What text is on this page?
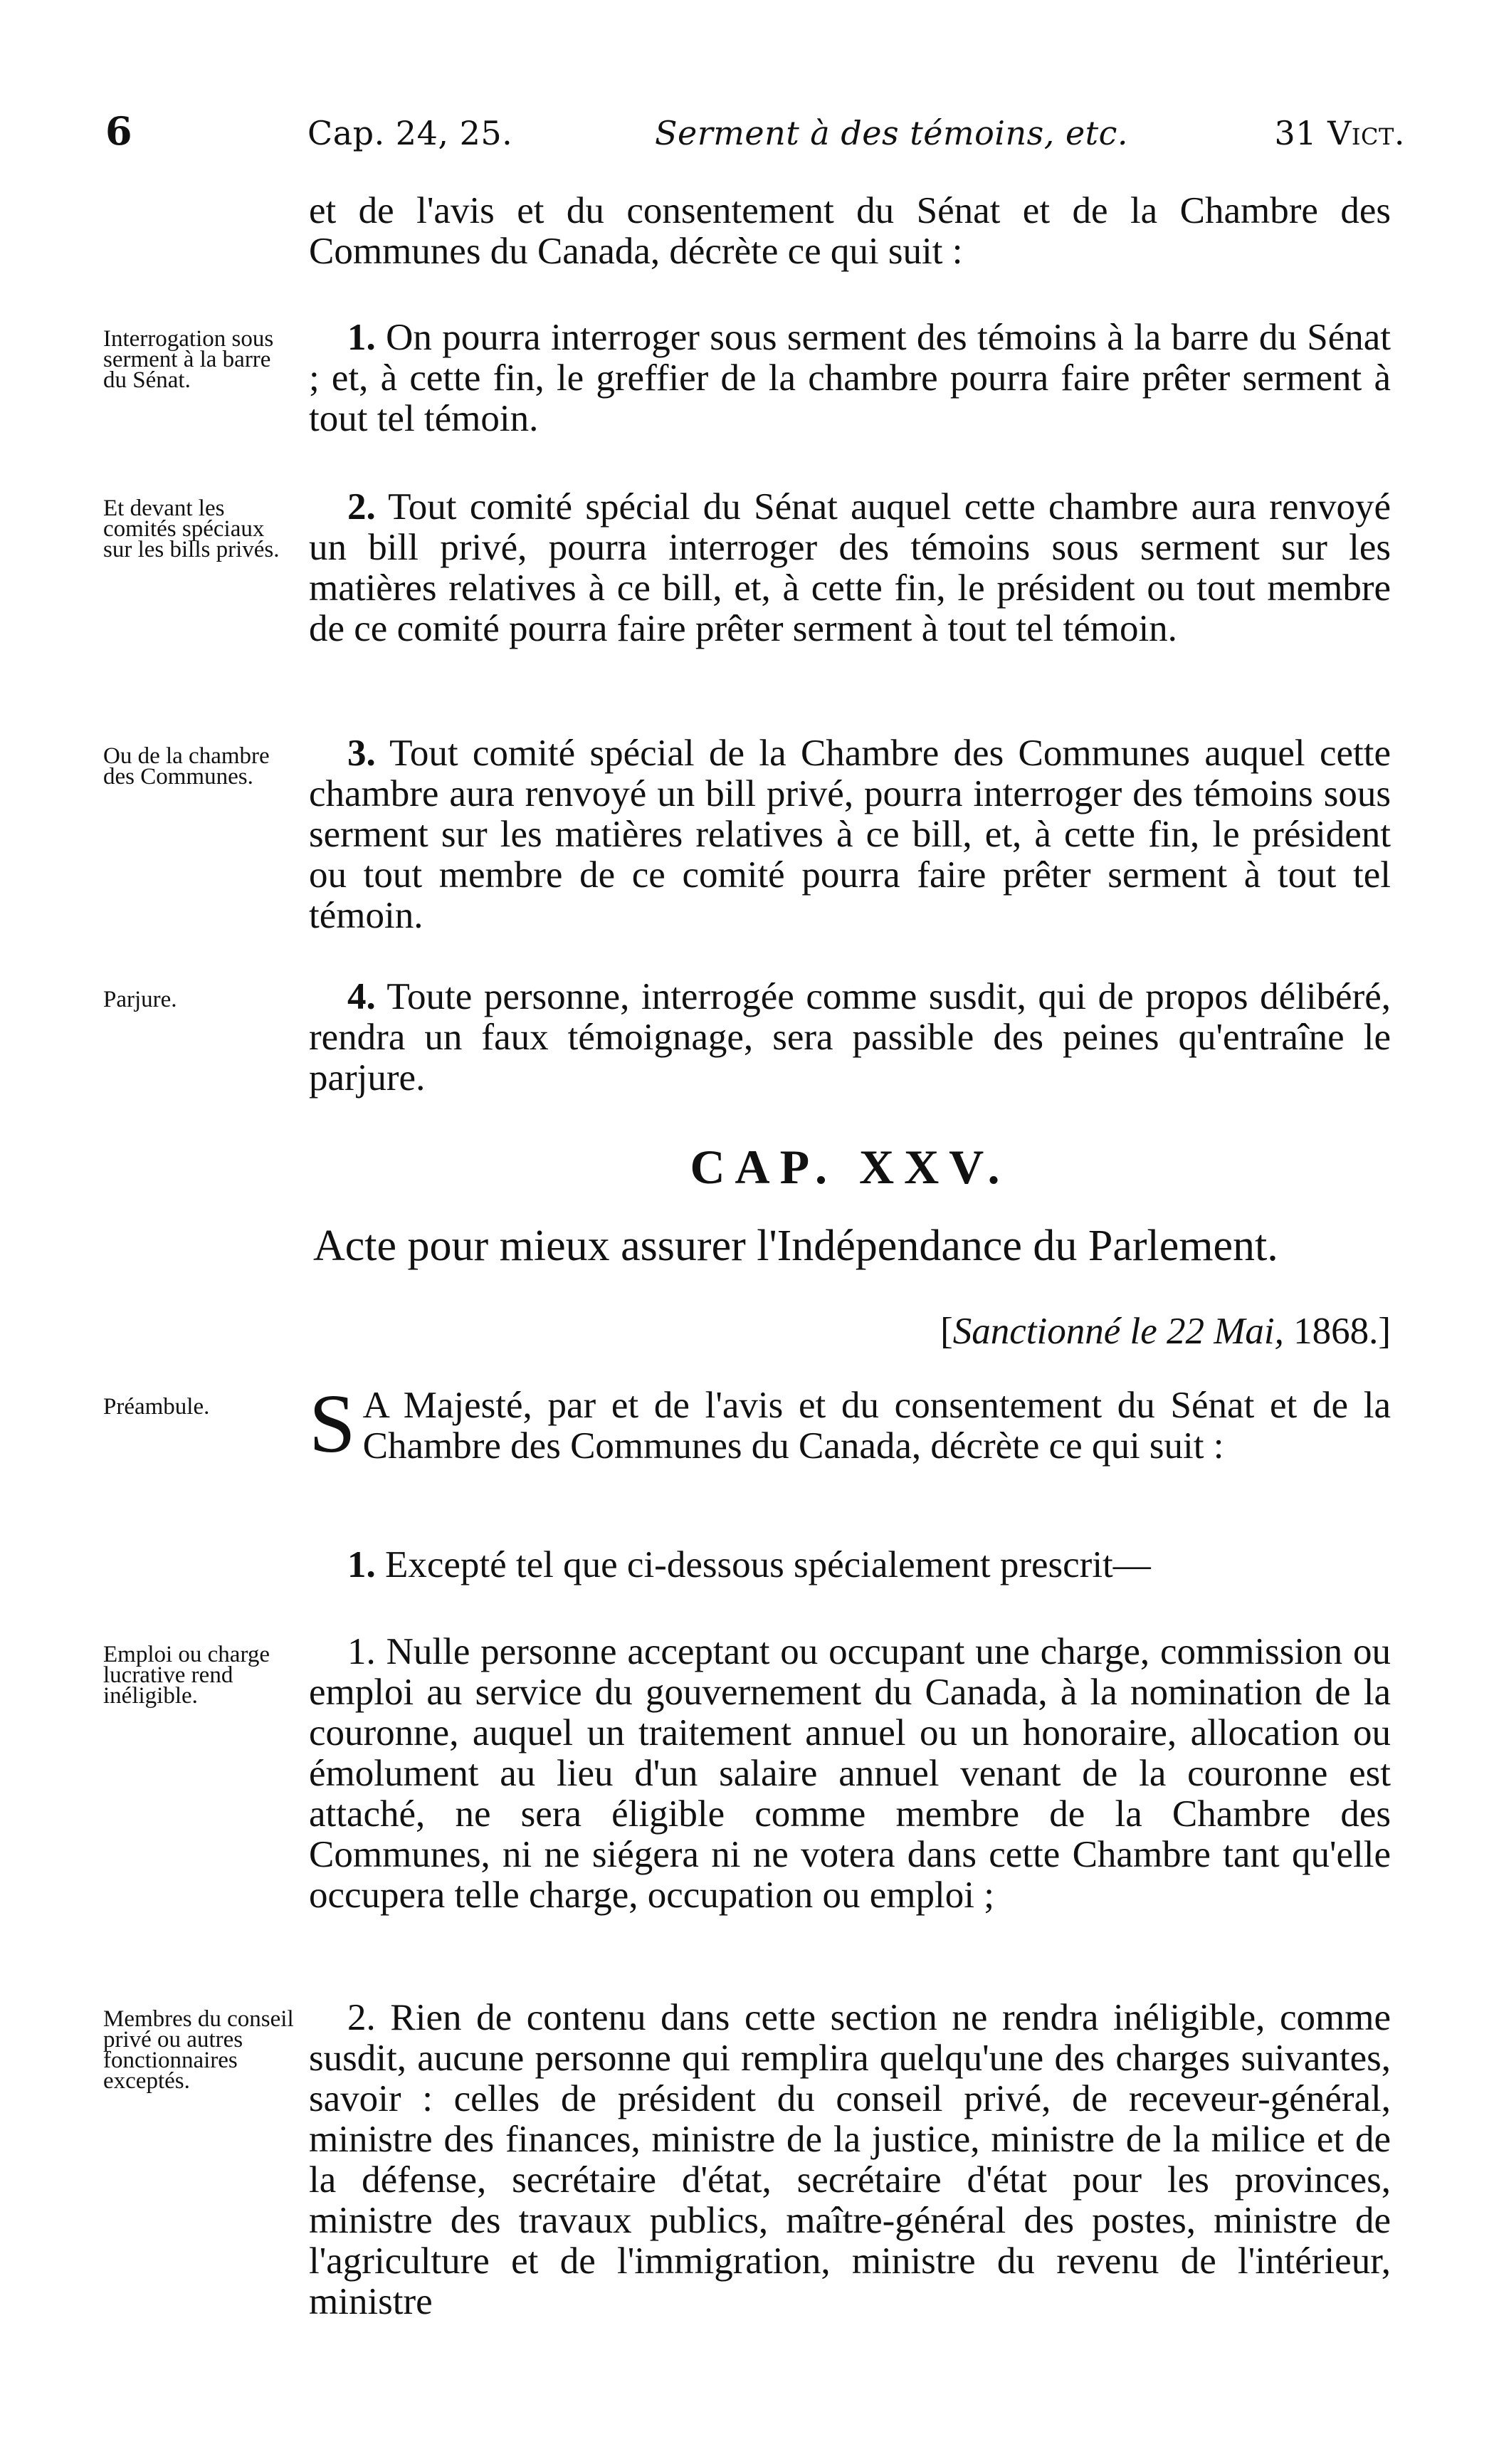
6	Cap. 24, 25.	Serment à des témoins, etc.	31 Vict.
et de l'avis et du consentement du Sénat et de la Chambre des Communes du Canada, décrète ce qui suit :
Interrogation sous serment à la barre du Sénat.
1. On pourra interroger sous serment des témoins à la barre du Sénat ; et, à cette fin, le greffier de la chambre pourra faire prêter serment à tout tel témoin.
Et devant les comités spéciaux sur les bills privés.
2. Tout comité spécial du Sénat auquel cette chambre aura renvoyé un bill privé, pourra interroger des témoins sous serment sur les matières relatives à ce bill, et, à cette fin, le président ou tout membre de ce comité pourra faire prêter serment à tout tel témoin.
Ou de la chambre des Communes.
3. Tout comité spécial de la Chambre des Communes auquel cette chambre aura renvoyé un bill privé, pourra interroger des témoins sous serment sur les matières relatives à ce bill, et, à cette fin, le président ou tout membre de ce comité pourra faire prêter serment à tout tel témoin.
Parjure.	4. Toute personne, interrogée comme susdit, qui de propos délibéré, rendra un faux témoignage, sera passible des peines qu'entraîne le parjure.
CAP. XXV.
Acte pour mieux assurer l'Indépendance du Parlement.
[Sanctionné le 22 Mai, 1868.]
Préambule.	S A Majesté, par et de l'avis et du consentement du Sénat et de la Chambre des Communes du Canada, décrète ce qui suit :
1. Excepté tel que ci-dessous spécialement prescrit—
Emploi ou charge lucrative rend inéligible.
1. Nulle personne acceptant ou occupant une charge, commission ou emploi au service du gouvernement du Canada, à la nomination de la couronne, auquel un traitement annuel ou un honoraire, allocation ou émolument au lieu d'un salaire annuel venant de la couronne est attaché, ne sera éligible comme membre de la Chambre des Communes, ni ne siégera ni ne votera dans cette Chambre tant qu'elle occupera telle charge, occupation ou emploi ;
Membres du conseil privé ou autres fonctionnaires exceptés.
2. Rien de contenu dans cette section ne rendra inéligible, comme susdit, aucune personne qui remplira quelqu'une des charges suivantes, savoir : celles de président du conseil privé, de receveur-général, ministre des finances, ministre de la justice, ministre de la milice et de la défense, secrétaire d'état, secrétaire d'état pour les provinces, ministre des travaux publics, maître-général des postes, ministre de l'agriculture et de l'immigration, ministre du revenu de l'intérieur, ministre
